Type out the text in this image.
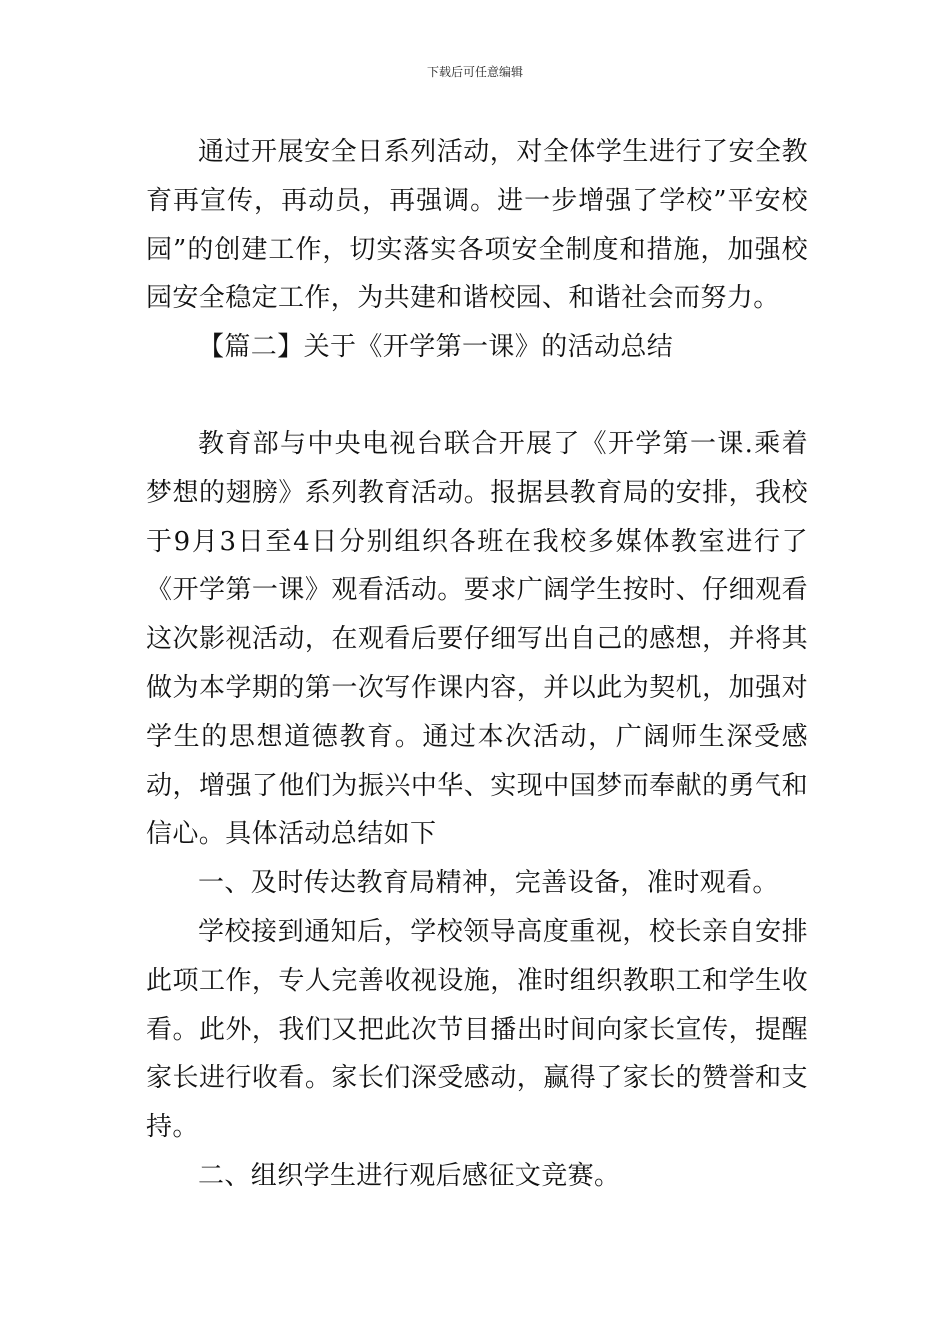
下载后可任意编辑

通过开展安全日系列活动，对全体学生进行了安全教育再宣传，再动员，再强调。进一步增强了学校”平安校园”的创建工作，切实落实各项安全制度和措施，加强校园安全稳定工作，为共建和谐校园、和谐社会而努力。

【篇二】关于《开学第一课》的活动总结

教育部与中央电视台联合开展了《开学第一课.乘着梦想的翅膀》系列教育活动。报据县教育局的安排，我校于9月3日至4日分别组织各班在我校多媒体教室进行了《开学第一课》观看活动。要求广阔学生按时、仔细观看这次影视活动，在观看后要仔细写出自己的感想，并将其做为本学期的第一次写作课内容，并以此为契机，加强对学生的思想道德教育。通过本次活动，广阔师生深受感动，增强了他们为振兴中华、实现中国梦而奉献的勇气和信心。具体活动总结如下

一、及时传达教育局精神，完善设备，准时观看。

学校接到通知后，学校领导高度重视，校长亲自安排此项工作，专人完善收视设施，准时组织教职工和学生收看。此外，我们又把此次节目播出时间向家长宣传，提醒家长进行收看。家长们深受感动，赢得了家长的赞誉和支持。

二、组织学生进行观后感征文竞赛。
